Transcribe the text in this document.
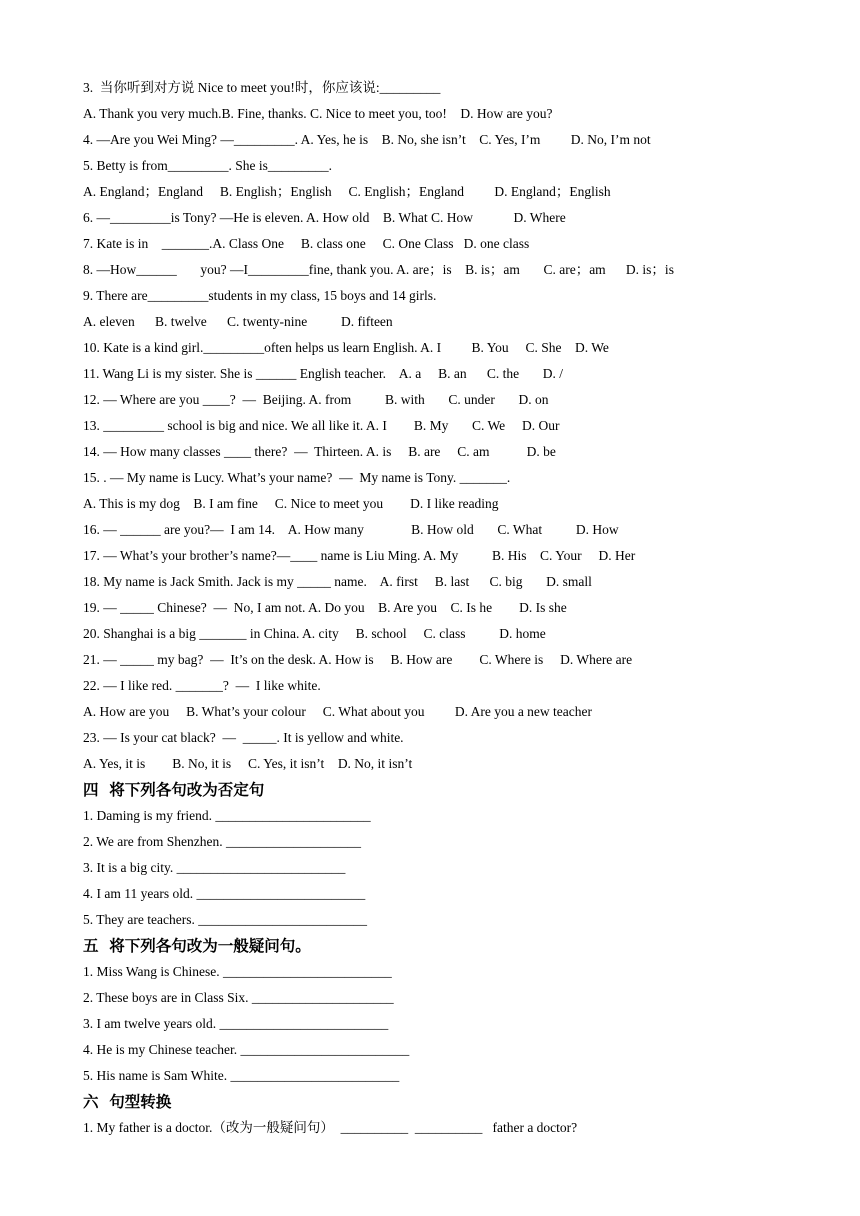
3.  当你听到对方说 Nice to meet you!时，你应该说:_________
A. Thank you very much.B. Fine, thanks. C. Nice to meet you, too!    D. How are you?
4. —Are you Wei Ming? —_________. A. Yes, he is    B. No, she isn’t    C. Yes, I’m         D. No, I’m not
5. Betty is from_________. She is_________.
A. England；England     B. English；English     C. English；England         D. England；English
6. —_________is Tony? —He is eleven. A. How old    B. What C. How            D. Where
7. Kate is in    _______.A. Class One     B. class one     C. One Class   D. one class
8. —How______       you? —I_________fine, thank you. A. are；is    B. is；am       C. are；am      D. is；is
9. There are_________students in my class, 15 boys and 14 girls.
A. eleven      B. twelve      C. twenty-nine          D. fifteen
10. Kate is a kind girl._________often helps us learn English. A. I         B. You     C. She    D. We
11. Wang Li is my sister. She is ______ English teacher.    A. a     B. an      C. the       D. /
12. — Where are you ____?  —  Beijing. A. from          B. with       C. under       D. on
13. _________ school is big and nice. We all like it. A. I        B. My       C. We     D. Our
14. — How many classes ____ there?  —  Thirteen. A. is     B. are     C. am           D. be
15. . — My name is Lucy. What’s your name?  —  My name is Tony. _______.
A. This is my dog    B. I am fine     C. Nice to meet you        D. I like reading
16. — ______ are you?—  I am 14.    A. How many              B. How old       C. What          D. How
17. — What’s your brother’s name?—____ name is Liu Ming. A. My          B. His    C. Your     D. Her
18. My name is Jack Smith. Jack is my _____ name.    A. first     B. last      C. big       D. small
19. — _____ Chinese?  —  No, I am not. A. Do you    B. Are you    C. Is he        D. Is she
20. Shanghai is a big _______ in China. A. city     B. school     C. class          D. home
21. — _____ my bag?  —  It’s on the desk. A. How is     B. How are        C. Where is     D. Where are
22. — I like red. _______?  —  I like white.
A. How are you     B. What’s your colour     C. What about you         D. Are you a new teacher
23. — Is your cat black?  —  _____. It is yellow and white.
A. Yes, it is        B. No, it is     C. Yes, it isn’t    D. No, it isn’t
四  将下列各句改为否定句
1. Daming is my friend. _______________________
2. We are from Shenzhen. ____________________
3. It is a big city. _________________________
4. I am 11 years old. _________________________
5. They are teachers. _________________________
五  将下列各句改为一般疑问句。
1. Miss Wang is Chinese. _________________________
2. These boys are in Class Six. _____________________
3. I am twelve years old. _________________________
4. He is my Chinese teacher. _________________________
5. His name is Sam White. _________________________
六  句型转换
1. My father is a doctor.（改为一般疑问句）  __________  __________   father a doctor?
